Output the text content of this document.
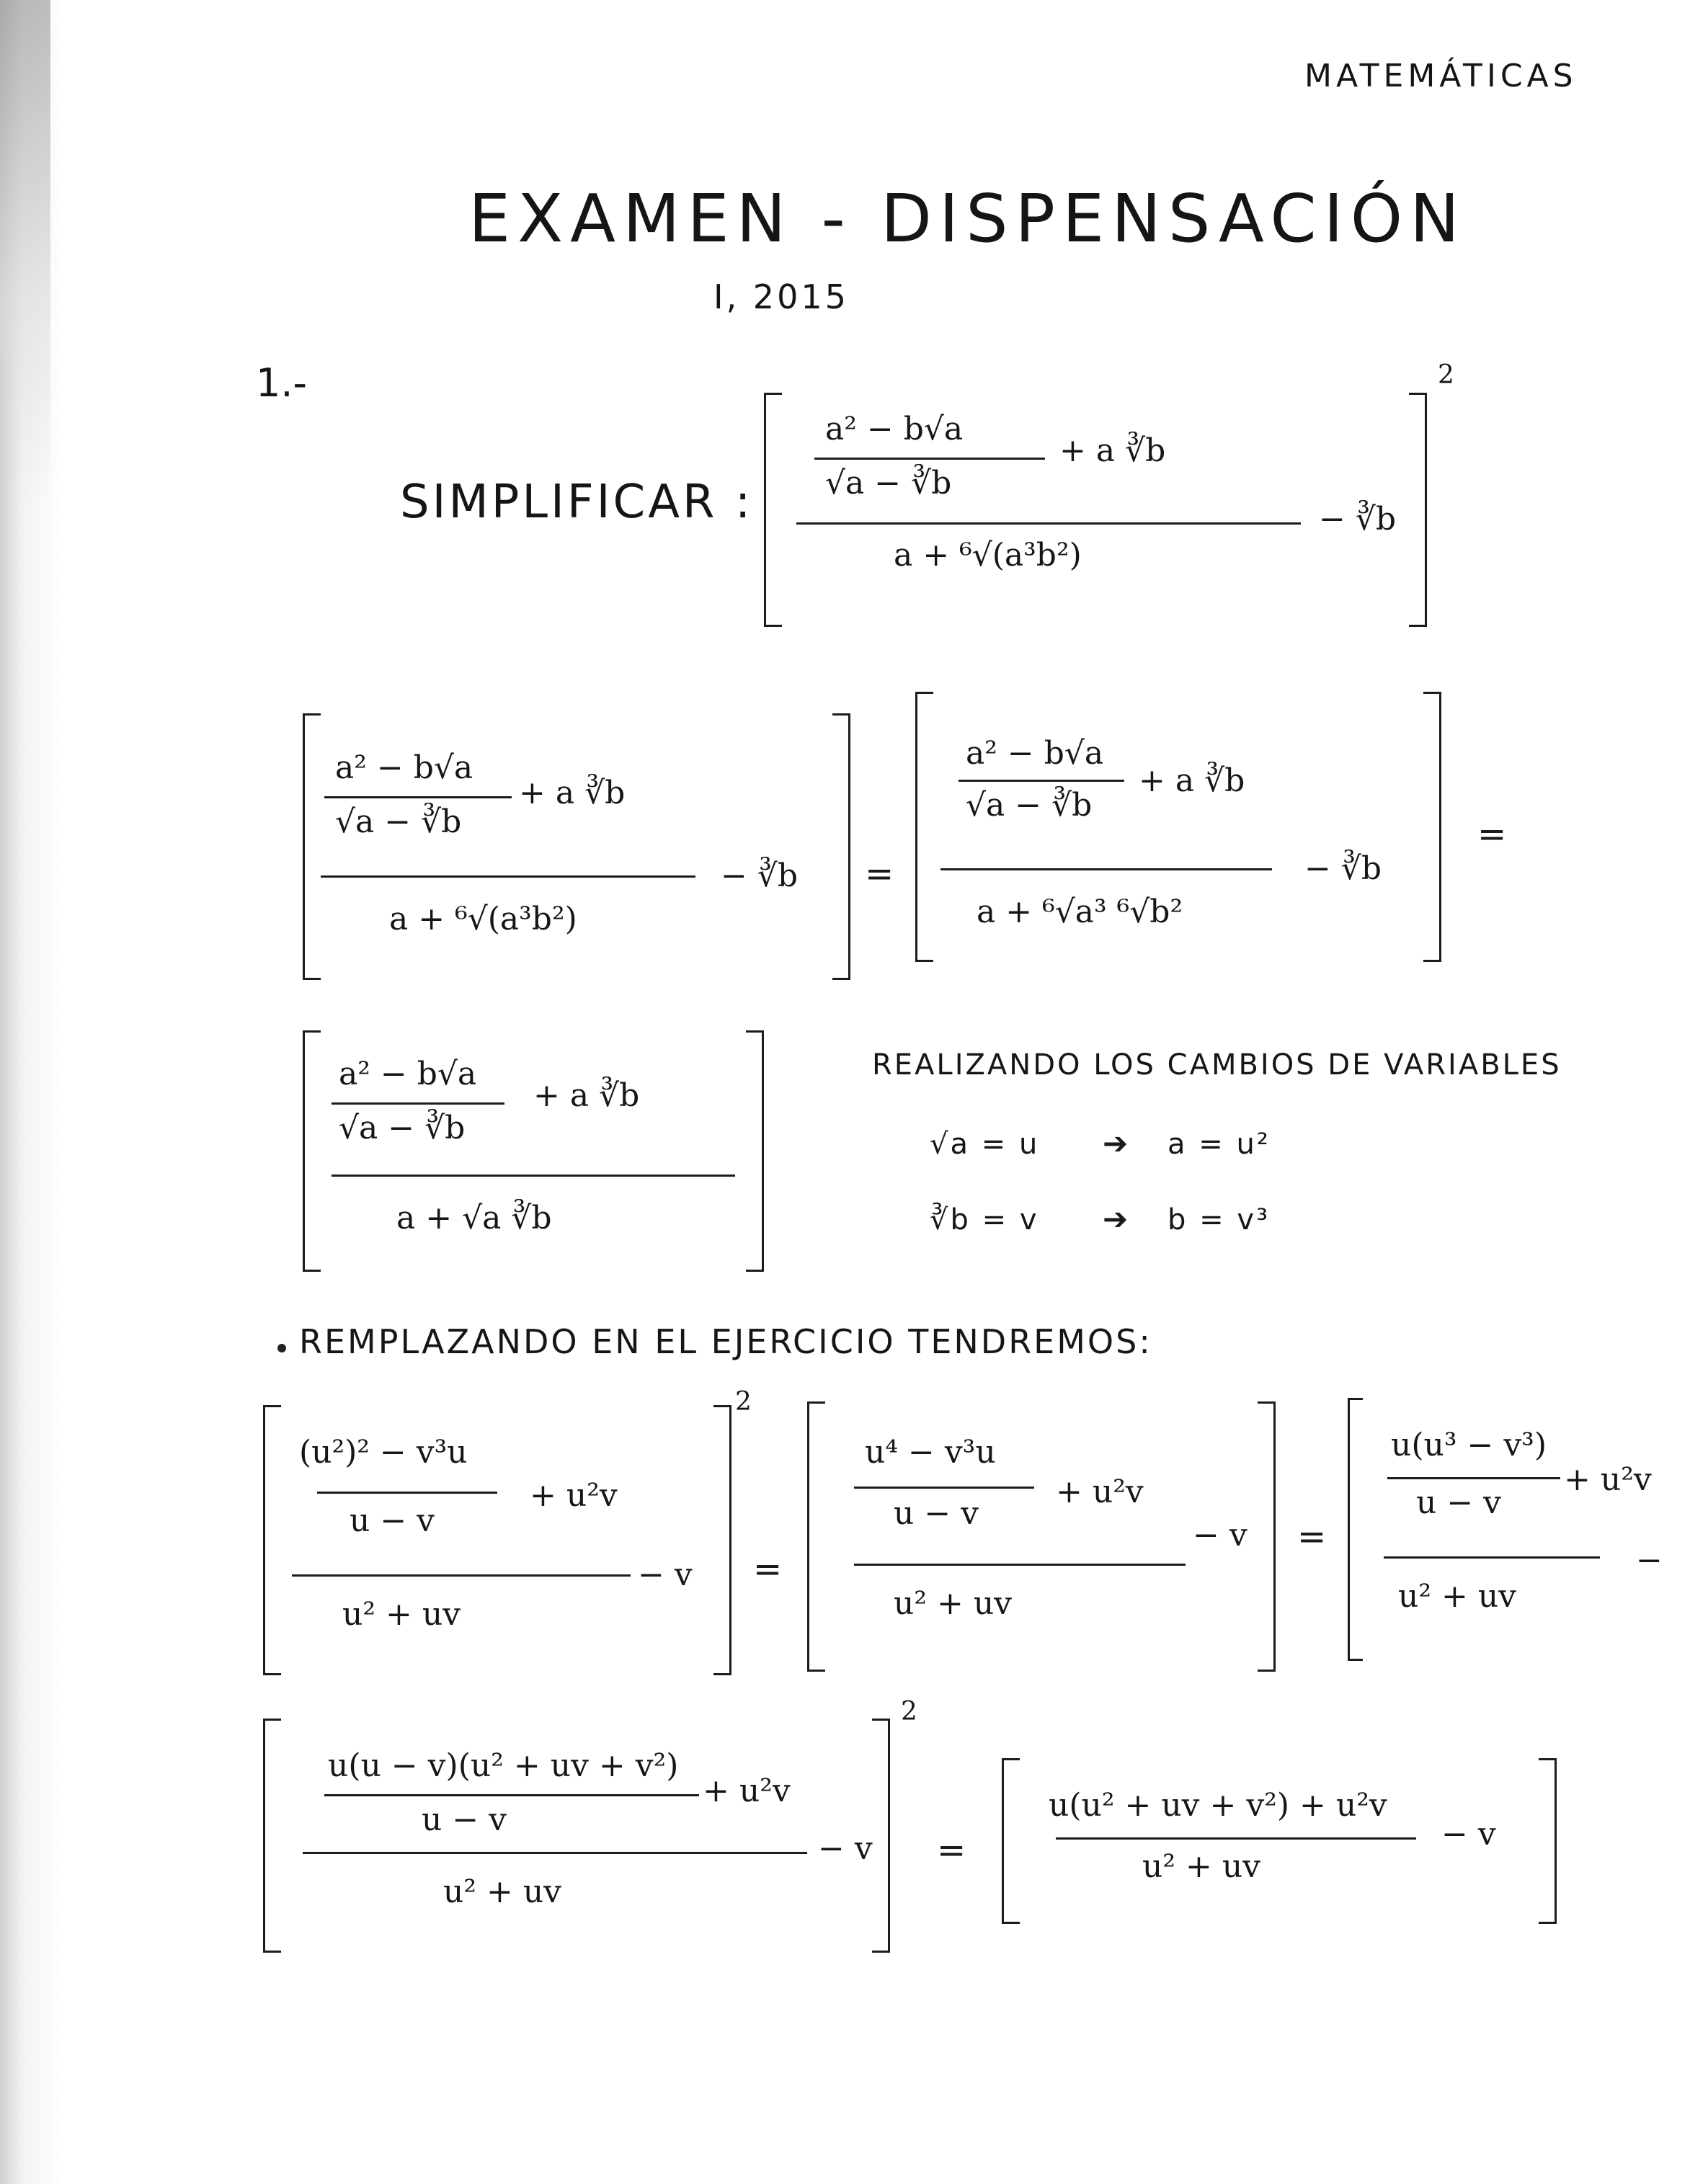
MATEMÁTICAS
EXAMEN - DISPENSACIÓN
I, 2015
1.-
SIMPLIFICAR :
2
a² − b√a
√a − ∛b
+ a ∛b
a + ⁶√(a³b²)
− ∛b
a² − b√a
√a − ∛b
+ a ∛b
a + ⁶√(a³b²)
− ∛b =
a² − b√a
√a − ∛b
+ a ∛b
a + ⁶√a³ ⁶√b²
− ∛b
=
a² − b√a
√a − ∛b
+ a ∛b
a + √a ∛b
REALIZANDO LOS CAMBIOS DE VARIABLES
√a = u ➔ a = u²
∛b = v ➔ b = v³
REMPLAZANDO EN EL EJERCICIO TENDREMOS:
2
(u²)² − v³u
u − v
+ u²v
u² + uv
− v =
u⁴ − v³u
u − v
+ u²v
u² + uv
− v =
u(u³ − v³)
u − v
+ u²v
u² + uv
−
2
u(u − v)(u² + uv + v²)
u − v
+ u²v
u² + uv
− v =
u(u² + uv + v²) + u²v
u² + uv
− v
